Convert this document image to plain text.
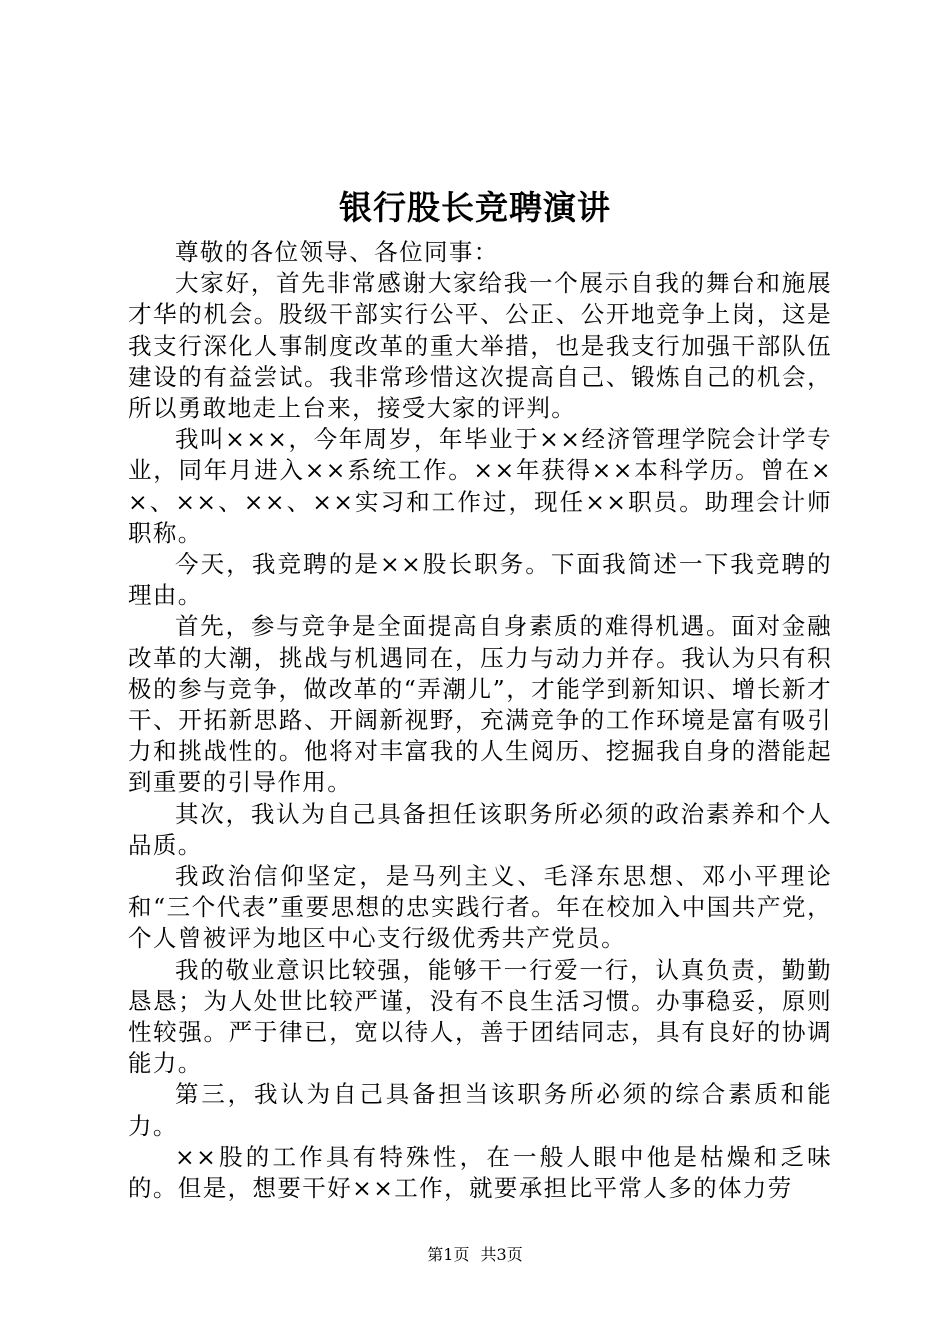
银行股长竞聘演讲

尊敬的各位领导、各位同事：

大家好，首先非常感谢大家给我一个展示自我的舞台和施展才华的机会。股级干部实行公平、公正、公开地竞争上岗，这是我支行深化人事制度改革的重大举措，也是我支行加强干部队伍建设的有益尝试。我非常珍惜这次提高自己、锻炼自己的机会，所以勇敢地走上台来，接受大家的评判。

我叫×××，今年周岁，年毕业于××经济管理学院会计学专业，同年月进入××系统工作。××年获得××本科学历。曾在××、××、××、××实习和工作过，现任××职员。助理会计师职称。

今天，我竞聘的是××股长职务。下面我简述一下我竞聘的理由。

首先，参与竞争是全面提高自身素质的难得机遇。面对金融改革的大潮，挑战与机遇同在，压力与动力并存。我认为只有积极的参与竞争，做改革的“弄潮儿”，才能学到新知识、增长新才干、开拓新思路、开阔新视野，充满竞争的工作环境是富有吸引力和挑战性的。他将对丰富我的人生阅历、挖掘我自身的潜能起到重要的引导作用。

其次，我认为自己具备担任该职务所必须的政治素养和个人品质。

我政治信仰坚定，是马列主义、毛泽东思想、邓小平理论和“三个代表”重要思想的忠实践行者。年在校加入中国共产党，个人曾被评为地区中心支行级优秀共产党员。

我的敬业意识比较强，能够干一行爱一行，认真负责，勤勤恳恳；为人处世比较严谨，没有不良生活习惯。办事稳妥，原则性较强。严于律已，宽以待人，善于团结同志，具有良好的协调能力。

第三，我认为自己具备担当该职务所必须的综合素质和能力。

××股的工作具有特殊性，在一般人眼中他是枯燥和乏味的。但是，想要干好××工作，就要承担比平常人多的体力劳

第1页 共3页
